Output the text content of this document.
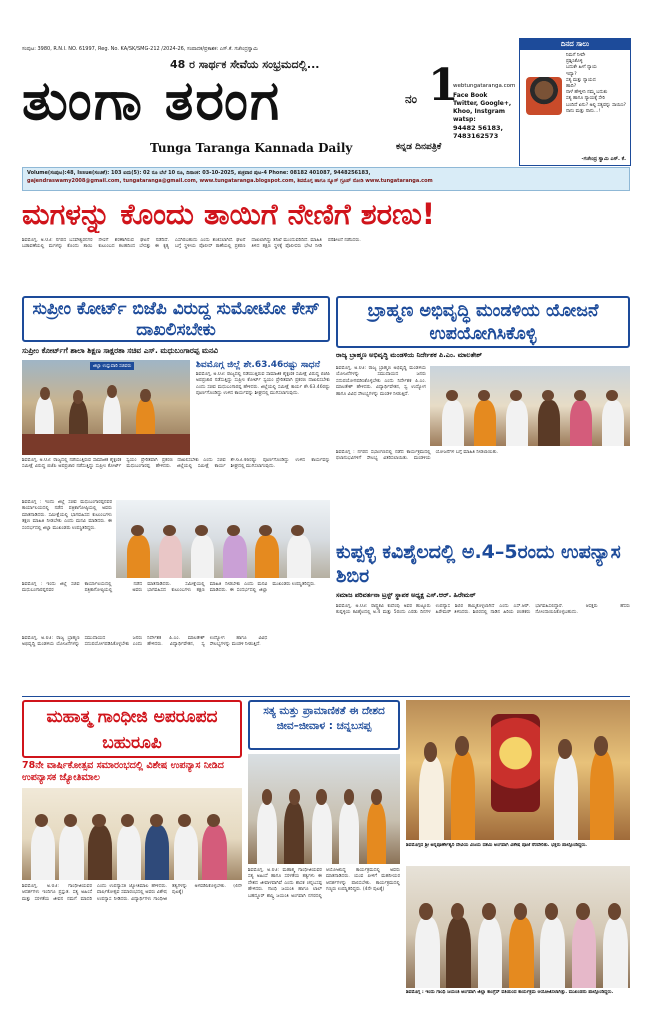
ಸಂಪುಟ: 3980, R.N.I. NO. 61997, Reg. No. KA/SK/SMG-212 /2024-26, ಸಂಪಾದಕ/ಪ್ರಕಾಶಕ: ಎಸ್.ಕೆ. ಗಜೇಂದ್ರಸ್ವಾಮಿ
48 ರ ಸಾರ್ಥಕ ಸೇವೆಯ ಸಂಭ್ರಮದಲ್ಲಿ...
ತುಂಗಾ ತರಂಗ	ನಂ 1
Tunga Taranga Kannada Daily	ಕನ್ನಡ ದಿನಪತ್ರಿಕೆ
webtungataranga.com
Face Book
Twitter, Google+,
Khoo, Instgram
watsp:
94482 56183,
7483162573
ದಿನದ ಸಾಲು
ನಿಮಗೆ ನೀವೇ
ಪ್ರಶ್ನಿಸಿಕೊಳ್ಳಿ
ಬದುಕೇ ಹೀಗೆ ನ್ಯಾಯ
ಇದ್ಯಾ?
ಸತ್ಯ ಮತ್ತು ನ್ಯಾಯದ
ಹಾದಿ?
ನಾಳೆ ಹೇಳ್ತೀನಿ ನಮ್ಮ ಬದುಕು
ಸತ್ಯ ಹಾಗೂ ನ್ಯಾಯಕ್ಕೆ ಸೇರಿ
ಬಂದಿದೆ ಏನು? ಅಲ್ಲಿ ಸತ್ಯವನ್ನು ಸಾಯಿಸಿ?
ನಾನು ಮತ್ತು ನಾನು...!
-ಗಜೇಂದ್ರ ಸ್ವಾಮಿ ಎಸ್. ಕೆ.
Volume(ಸಂಪುಟ):48, Issue(ಸಂಚಿಕೆ): 103 ಐದು(5): 02 ರೂ ಬೆಲೆ 10 ರೂ, ದಿನಾಂಕ: 03-10-2025, ಶುಕ್ರವಾರ ಪುಟ-4 Phone: 08182 401087, 9448256183,
gajendraswamy2008@gmail.com, tungataranga@gmail.com, www.tungataranga.blogspot.com, ಶಿವಮೊಗ್ಗ ಹಾಗೂ ನ್ಯೂಸ್ ಗ್ರೂಪ್ ನೋಡಿ www.tungataranga.com
ಮಗಳನ್ನು ಕೊಂದು ತಾಯಿಗೆ ನೇಣಿಗೆ ಶರಣು!
ಶಿವಮೊಗ್ಗ, ಅ.03: ನಗರದ ಬಸವೇಶ್ವರನಗರ ಬಡಾವಣೆಯಲ್ಲಿ ಮಗಳನ್ನು ಕೊಂದು ತಾಯಿ ನೇಣಿಗೆ ಶರಣಾಗಿರುವ ಘಟನೆ ನಡೆದಿದೆ. ಕುಟುಂಬದ ಕಲಹದಿಂದ ಬೇಸತ್ತು ಈ ಕೃತ್ಯ ಎಸಗಿರಬಹುದು ಎಂದು ಶಂಕಿಸಲಾಗಿದೆ. ಘಟನೆ ಬಗ್ಗೆ ಸ್ಥಳೀಯ ಪೊಲೀಸ್ ಠಾಣೆಯಲ್ಲಿ ಪ್ರಕರಣ ದಾಖಲಾಗಿದ್ದು ತನಿಖೆ ಮುಂದುವರಿದಿದೆ. ಮಾಹಿತಿ ತಿಳಿದ ತಕ್ಷಣ ಸ್ಥಳಕ್ಕೆ ಪೊಲೀಸರು ಭೇಟಿ ನೀಡಿ ಪರಿಶೀಲನೆ ನಡೆಸಿದರು.
ಸುಪ್ರೀಂ ಕೋರ್ಟ್ ಬಿಜೆಪಿ ವಿರುದ್ದ ಸುಮೋಟೋ ಕೇಸ್ ದಾಖಲಿಸಬೇಕು
ಸುಪ್ರೀಂ ಕೋರ್ಟ್‌ಗೆ ಶಾಲಾ ಶಿಕ್ಷಣ ಸಾಕ್ಷರತಾ ಸಚಿವ ಎಸ್. ಮಧುಬಂಗಾರಪ್ಪ ಮನವಿ
ಜಿಲ್ಲಾ ಉಸ್ತುವಾರಿ ಸಚಿವರು	ಶಿವಮೊಗ್ಗ ಜಿಲ್ಲೆ ಶೇ.63.46ರಷ್ಟು ಸಾಧನೆ
ಶಿವಮೊಗ್ಗ, ಅ.03: ರಾಜ್ಯದಲ್ಲಿ ನಡೆಯುತ್ತಿರುವ ಸಾಮಾಜಿಕ ಶೈಕ್ಷಣಿಕ ಸಮೀಕ್ಷೆ ವಿರುದ್ಧ ಬಿಜೆಪಿ ಅಪಪ್ರಚಾರ ನಡೆಸುತ್ತಿದ್ದು ಸುಪ್ರೀಂ ಕೋರ್ಟ್ ಸ್ವಯಂ ಪ್ರೇರಿತವಾಗಿ ಪ್ರಕರಣ ದಾಖಲಿಸಬೇಕು ಎಂದು ಸಚಿವ ಮಧುಬಂಗಾರಪ್ಪ ಹೇಳಿದರು. ಜಿಲ್ಲೆಯಲ್ಲಿ ಸಮೀಕ್ಷೆ ಕಾರ್ಯ ಶೇ.63.46ರಷ್ಟು ಪೂರ್ಣಗೊಂಡಿದ್ದು ಉಳಿದ ಕಾರ್ಯವನ್ನು ಶೀಘ್ರದಲ್ಲಿ ಮುಗಿಸಲಾಗುವುದು.
ಶಿವಮೊಗ್ಗ, ಅ.03: ರಾಜ್ಯದಲ್ಲಿ ನಡೆಯುತ್ತಿರುವ ಸಾಮಾಜಿಕ ಶೈಕ್ಷಣಿಕ ಸಮೀಕ್ಷೆ ವಿರುದ್ಧ ಬಿಜೆಪಿ ಅಪಪ್ರಚಾರ ನಡೆಸುತ್ತಿದ್ದು ಸುಪ್ರೀಂ ಕೋರ್ಟ್ ಸ್ವಯಂ ಪ್ರೇರಿತವಾಗಿ ಪ್ರಕರಣ ದಾಖಲಿಸಬೇಕು ಎಂದು ಸಚಿವ ಮಧುಬಂಗಾರಪ್ಪ ಹೇಳಿದರು. ಜಿಲ್ಲೆಯಲ್ಲಿ ಸಮೀಕ್ಷೆ ಕಾರ್ಯ ಶೇ.63.46ರಷ್ಟು ಪೂರ್ಣಗೊಂಡಿದ್ದು ಉಳಿದ ಕಾರ್ಯವನ್ನು ಶೀಘ್ರದಲ್ಲಿ ಮುಗಿಸಲಾಗುವುದು.
ಶಿವಮೊಗ್ಗ : ಇಂದು ಜಿಲ್ಲೆ ಸಚಿವ ಮಧುಬಂಗಾರಪ್ಪನವರ ಕಾರ್ಯಾಲಯದಲ್ಲಿ ನಡೆದ ಪತ್ರಿಕಾಗೋಷ್ಠಿಯಲ್ಲಿ ಅವರು ಮಾತನಾಡಿದರು. ಸಮೀಕ್ಷೆಯಲ್ಲಿ ಭಾಗವಹಿಸದ ಕುಟುಂಬಗಳು ತಕ್ಷಣ ಮಾಹಿತಿ ನೀಡಬೇಕು ಎಂದು ಮನವಿ ಮಾಡಿದರು. ಈ ಸಂದರ್ಭದಲ್ಲಿ ಜಿಲ್ಲಾ ಮುಖಂಡರು ಉಪಸ್ಥಿತರಿದ್ದರು.
ಶಿವಮೊಗ್ಗ : ಇಂದು ಜಿಲ್ಲೆ ಸಚಿವ ಮಧುಬಂಗಾರಪ್ಪನವರ ಕಾರ್ಯಾಲಯದಲ್ಲಿ ನಡೆದ ಪತ್ರಿಕಾಗೋಷ್ಠಿಯಲ್ಲಿ ಅವರು ಮಾತನಾಡಿದರು. ಸಮೀಕ್ಷೆಯಲ್ಲಿ ಭಾಗವಹಿಸದ ಕುಟುಂಬಗಳು ತಕ್ಷಣ ಮಾಹಿತಿ ನೀಡಬೇಕು ಎಂದು ಮನವಿ ಮಾಡಿದರು. ಈ ಸಂದರ್ಭದಲ್ಲಿ ಜಿಲ್ಲಾ ಮುಖಂಡರು ಉಪಸ್ಥಿತರಿದ್ದರು.
ಬ್ರಾಹ್ಮಣ ಅಭಿವೃದ್ಧಿ ಮಂಡಳಿಯ ಯೋಜನೆ ಉಪಯೋಗಿಸಿಕೊಳ್ಳಿ
ರಾಜ್ಯ ಬ್ರಾಹ್ಮಣ ಅಭಿವೃದ್ಧಿ ಮಂಡಳಿಯ ನಿರ್ದೇಶಕ ಪಿ.ಎಂ. ಮಾಲತೇಶ್
ಶಿವಮೊಗ್ಗ, ಅ.03: ರಾಜ್ಯ ಬ್ರಾಹ್ಮಣ ಅಭಿವೃದ್ಧಿ ಮಂಡಳಿಯ ಯೋಜನೆಗಳನ್ನು ಸಮುದಾಯದ ಜನರು ಸದುಪಯೋಗಪಡಿಸಿಕೊಳ್ಳಬೇಕು ಎಂದು ನಿರ್ದೇಶಕ ಪಿ.ಎಂ. ಮಾಲತೇಶ್ ಹೇಳಿದರು. ವಿದ್ಯಾರ್ಥಿವೇತನ, ಸ್ವ ಉದ್ಯೋಗ ಹಾಗೂ ವಿವಿಧ ಸೌಲಭ್ಯಗಳನ್ನು ಮಂಡಳಿ ನೀಡುತ್ತಿದೆ.
ಶಿವಮೊಗ್ಗ : ನಗರದ ಸಭಾಂಗಣದಲ್ಲಿ ನಡೆದ ಕಾರ್ಯಕ್ರಮದಲ್ಲಿ ಫಲಾನುಭವಿಗಳಿಗೆ ಸೌಲಭ್ಯ ವಿತರಿಸಲಾಯಿತು. ಮಂಡಳಿಯ ಯೋಜನೆಗಳ ಬಗ್ಗೆ ಮಾಹಿತಿ ನೀಡಲಾಯಿತು.
ಕುಪ್ಪಳ್ಳಿ ಕವಿಶೈಲದಲ್ಲಿ ಅ.4–5ರಂದು ಉಪನ್ಯಾಸ ಶಿಬಿರ
ಸಮಾಜ ಪರಿವರ್ತನಾ ಟ್ರಸ್ಟ್ ಸ್ಥಾಪಕ ಅಧ್ಯಕ್ಷ ಎಸ್.ಆರ್. ಹಿರೇಮಠ್
ಶಿವಮೊಗ್ಗ, ಅ.03: ರಾಷ್ಟ್ರಕವಿ ಕುವೆಂಪು ಅವರ ಹುಟ್ಟೂರು ಕುಪ್ಪಳ್ಳಿಯ ಕವಿಶೈಲದಲ್ಲಿ ಅ.4 ಮತ್ತು 5ರಂದು ಎರಡು ದಿನಗಳ ಉಪನ್ಯಾಸ ಶಿಬಿರ ಹಮ್ಮಿಕೊಳ್ಳಲಾಗಿದೆ ಎಂದು ಎಸ್.ಆರ್. ಹಿರೇಮಠ್ ತಿಳಿಸಿದರು. ಶಿಬಿರದಲ್ಲಿ ನಾಡಿನ ಹಿರಿಯ ಚಿಂತಕರು ಭಾಗವಹಿಸಲಿದ್ದಾರೆ. ಆಸಕ್ತರು ಹೆಸರು ನೋಂದಾಯಿಸಿಕೊಳ್ಳಬಹುದು.
ಶಿವಮೊಗ್ಗ, ಅ.03: ರಾಜ್ಯ ಬ್ರಾಹ್ಮಣ ಅಭಿವೃದ್ಧಿ ಮಂಡಳಿಯ ಯೋಜನೆಗಳನ್ನು ಸಮುದಾಯದ ಜನರು ಸದುಪಯೋಗಪಡಿಸಿಕೊಳ್ಳಬೇಕು ಎಂದು ನಿರ್ದೇಶಕ ಪಿ.ಎಂ. ಮಾಲತೇಶ್ ಹೇಳಿದರು. ವಿದ್ಯಾರ್ಥಿವೇತನ, ಸ್ವ ಉದ್ಯೋಗ ಹಾಗೂ ವಿವಿಧ ಸೌಲಭ್ಯಗಳನ್ನು ಮಂಡಳಿ ನೀಡುತ್ತಿದೆ.
ಮಹಾತ್ಮ ಗಾಂಧೀಜಿ ಅಪರೂಪದ ಬಹುರೂಪಿ
78ನೇ ವಾರ್ಷಿಕೋತ್ಸವ ಸಮಾರಂಭದಲ್ಲಿ ವಿಶೇಷ ಉಪನ್ಯಾಸ ನೀಡಿದ ಉಪನ್ಯಾಸಕ ಜ್ಯೋತಿಮಾಲ
ಶಿವಮೊಗ್ಗ, ಅ.03: ಗಾಂಧೀಜಿಯವರ ಆದರ್ಶಗಳು ಇಂದಿಗೂ ಪ್ರಸ್ತುತ. ಸತ್ಯ ಅಹಿಂಸೆ ಮತ್ತು ಸರಳತೆಯ ಜೀವನ ನಮಗೆ ಮಾದರಿ ಎಂದು ಉಪನ್ಯಾಸಕಿ ಜ್ಯೋತಿಮಾಲ ಹೇಳಿದರು. ವಾರ್ಷಿಕೋತ್ಸವ ಸಮಾರಂಭದಲ್ಲಿ ಅವರು ವಿಶೇಷ ಉಪನ್ಯಾಸ ನೀಡಿದರು. ವಿದ್ಯಾರ್ಥಿಗಳು ಗಾಂಧೀಜಿ ತತ್ವಗಳನ್ನು ಅಳವಡಿಸಿಕೊಳ್ಳಬೇಕು. (4ನೇ ಪುಟಕ್ಕೆ)
ಸತ್ಯ ಮತ್ತು ಪ್ರಾಮಾಣಿಕತೆ ಈ ದೇಶದ ಜೀವ–ಜೀವಾಳ : ಚನ್ನಬಸಪ್ಪ
ಶಿವಮೊಗ್ಗ, ಅ.03: ಮಹಾತ್ಮ ಗಾಂಧೀಜಿಯವರ ಸತ್ಯ ಅಹಿಂಸೆ ಹಾಗೂ ಸರಳತೆಯ ತತ್ವಗಳು ಈ ದೇಶದ ಜೀವಾಳವಾಗಿವೆ ಎಂದು ಶಾಸಕ ಚನ್ನಬಸಪ್ಪ ಹೇಳಿದರು. ಗಾಂಧಿ ಜಯಂತಿ ಹಾಗೂ ಲಾಲ್ ಬಹದ್ದೂರ್ ಶಾಸ್ತ್ರಿ ಜಯಂತಿ ಅಂಗವಾಗಿ ನಗರದಲ್ಲಿ ಆಯೋಜಿಸಿದ್ದ ಕಾರ್ಯಕ್ರಮದಲ್ಲಿ ಅವರು ಮಾತನಾಡಿದರು. ಯುವ ಪೀಳಿಗೆ ಮಹನೀಯರ ಆದರ್ಶಗಳನ್ನು ಪಾಲಿಸಬೇಕು. ಕಾರ್ಯಕ್ರಮದಲ್ಲಿ ಗಣ್ಯರು ಉಪಸ್ಥಿತರಿದ್ದರು. (4ನೇ ಪುಟಕ್ಕೆ)
ಶಿವಮೊಗ್ಗದ ಶ್ರೀ ಅನ್ನಪೂರ್ಣೇಶ್ವರಿ ದೇವಿಯ ವಿಜಯ ದಶಮಿ ಅಂಗವಾಗಿ ವಿಶೇಷ ಪೂಜೆ ನೆರವೇರಿತು. ಭಕ್ತರು ಪಾಲ್ಗೊಂಡಿದ್ದರು.
ಶಿವಮೊಗ್ಗ : ಇಂದು ಗಾಂಧಿ ಜಯಂತಿ ಅಂಗವಾಗಿ ಜಿಲ್ಲಾ ಕಾಂಗ್ರೆಸ್ ವತಿಯಿಂದ ಕಾರ್ಯಕ್ರಮ ಆಯೋಜಿಸಲಾಗಿತ್ತು. ಮುಖಂಡರು ಪಾಲ್ಗೊಂಡಿದ್ದರು.
